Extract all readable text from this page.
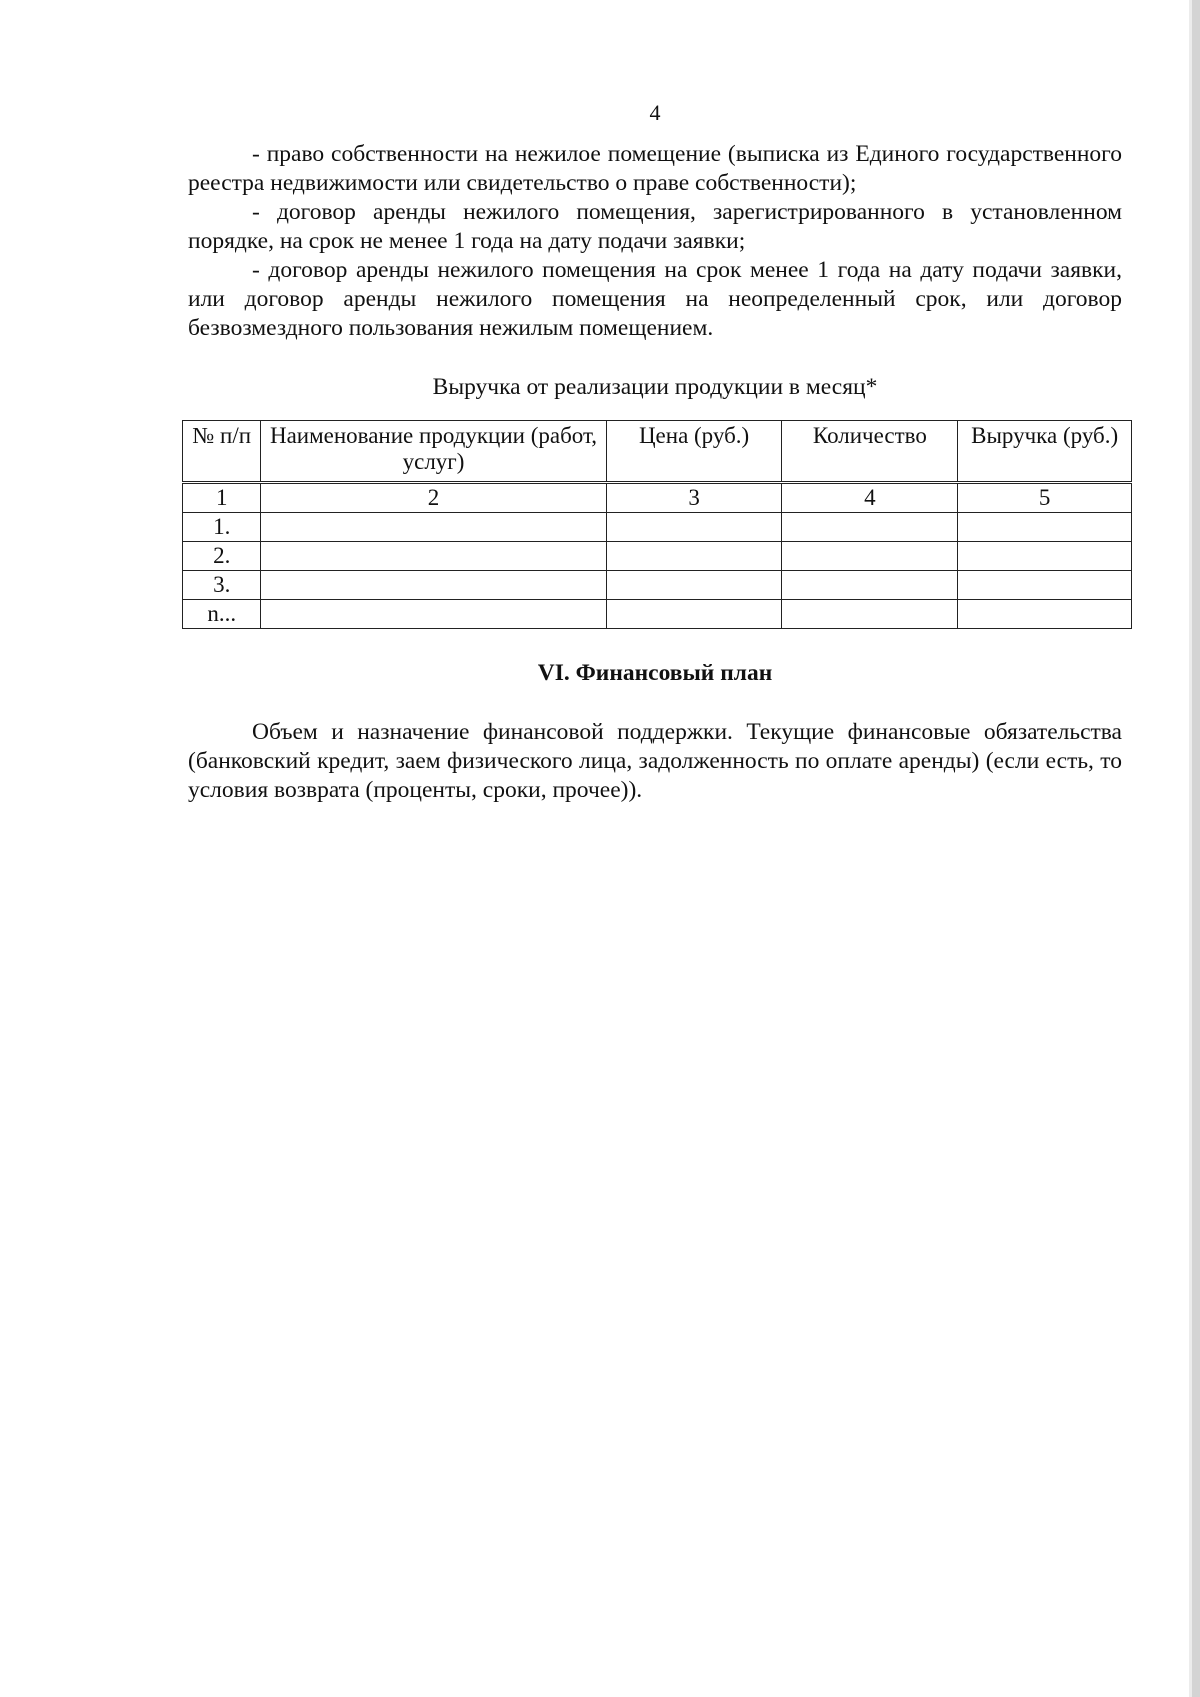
4

- право собственности на нежилое помещение (выписка из Единого государственного реестра недвижимости или свидетельство о праве собственности);

- договор аренды нежилого помещения, зарегистрированного в установленном порядке, на срок не менее 1 года на дату подачи заявки;

- договор аренды нежилого помещения на срок менее 1 года на дату подачи заявки, или договор аренды нежилого помещения на неопределенный срок, или договор безвозмездного пользования нежилым помещением.

Выручка от реализации продукции в месяц*
№ п/п	Наименование продукции (работ, услуг)	Цена (руб.)	Количество	Выручка (руб.)
1	2	3	4	5
1.				
2.				
3.				
n...				
VI. Финансовый план

Объем и назначение финансовой поддержки. Текущие финансовые обязательства (банковский кредит, заем физического лица, задолженность по оплате аренды) (если есть, то условия возврата (проценты, сроки, прочее)).
